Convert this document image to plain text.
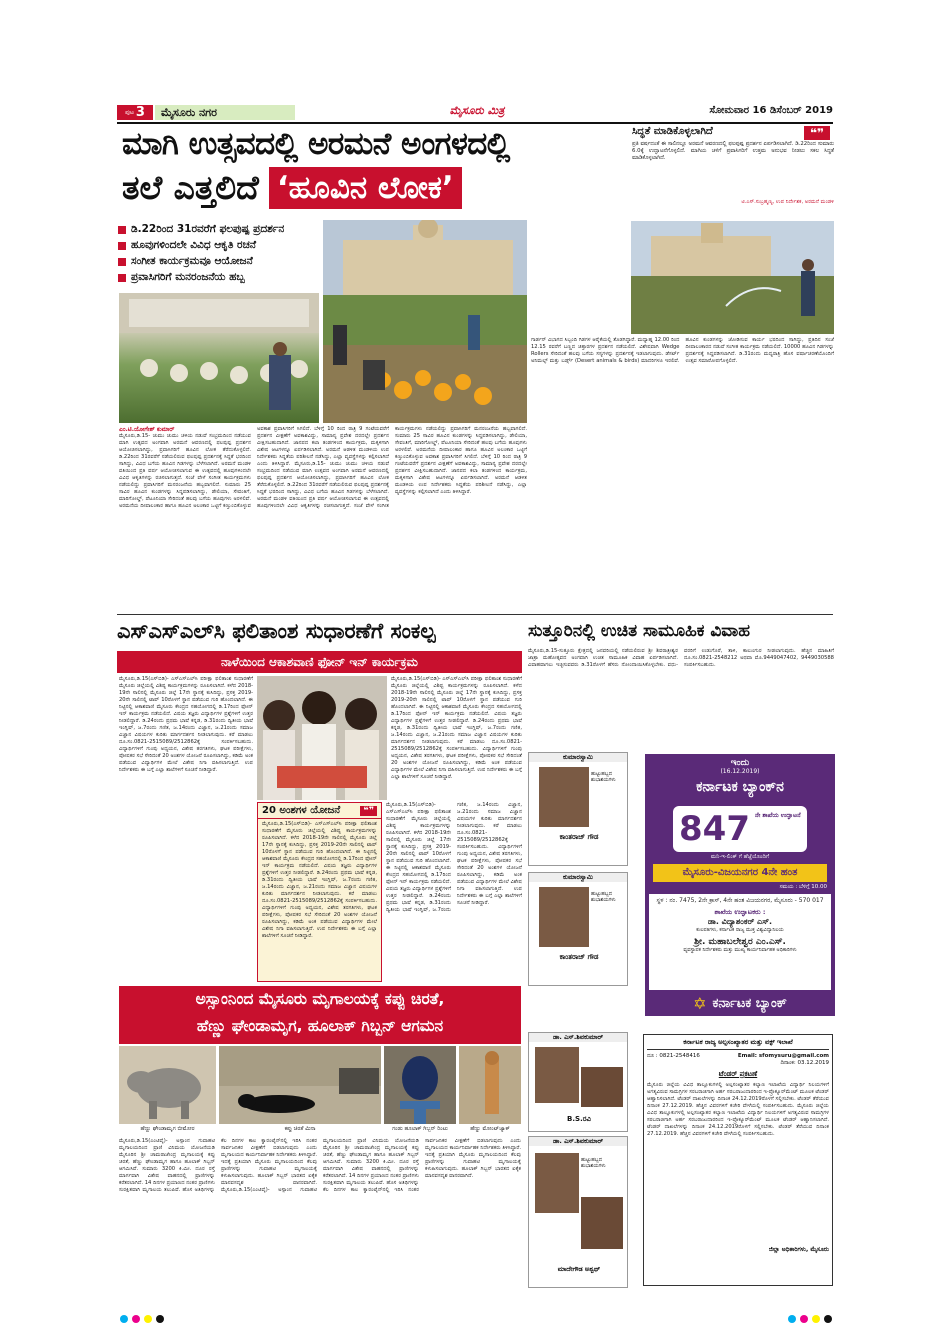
ಪುಟ 3	ಮೈಸೂರು ನಗರ	ಮೈಸೂರು ಮಿತ್ರ	ಸೋಮವಾರ 16 ಡಿಸೆಂಬರ್ 2019
ಮಾಗಿ ಉತ್ಸವದಲ್ಲಿ ಅರಮನೆ ಅಂಗಳದಲ್ಲಿ
ತಲೆ ಎತ್ತಲಿದೆ ‘ಹೂವಿನ ಲೋಕ’
ಸಿದ್ಧತೆ ಮಾಡಿಕೊಳ್ಳಲಾಗಿದೆ	❝❞
ಪ್ರತಿ ವರ್ಷದಂತೆ ಈ ಸಾಲಿನಲ್ಲೂ ಅರಮನೆ ಆವರಣದಲ್ಲಿ ಫಲಪುಷ್ಪ ಪ್ರದರ್ಶನ ಏರ್ಪಡಿಸಲಾಗಿದೆ. ಡಿ.22ರಿಂದ ಸುಮಾರು 6.0ಕ್ಕೆ ಉದ್ಘಾಟನೆಗೊಳ್ಳಲಿದೆ. ಮಾಗಿಯ ಚಳಿಗೆ ಪ್ರವಾಸಿಗರಿಗೆ ಉತ್ತಮ ಅನುಭವ ನೀಡಲು ಸಕಲ ಸಿದ್ಧತೆ ಮಾಡಿಕೊಳ್ಳಲಾಗಿದೆ.
ಟಿ.ಎಸ್.ಸುಬ್ರಹ್ಮಣ್ಯ, ಉಪ ನಿರ್ದೇಶಕ, ಅರಮನೆ ಮಂಡಳಿ
ಡಿ.22ರಿಂದ 31ರವರೆಗೆ ಫಲಪುಷ್ಪ ಪ್ರದರ್ಶನ
ಹೂವುಗಳಿಂದಲೇ ವಿವಿಧ ಆಕೃತಿ ರಚನೆ
ಸಂಗೀತ ಕಾರ್ಯಕ್ರಮವೂ ಆಯೋಜನೆ
ಪ್ರವಾಸಿಗರಿಗೆ ಮನರಂಜನೆಯ ಹಬ್ಬ
ಎಂ.ಟಿ.ಯೋಗೇಶ್ ಕುಮಾರ್
ಮೈಸೂರು,ಡಿ.15- ಚುಮು ಚುಮು ಚಳಿಯ ನಡುವೆ ಸಂಭ್ರಮದಿಂದ ನಡೆಯುವ ಮಾಗಿ ಉತ್ಸವದ ಅಂಗವಾಗಿ ಅರಮನೆ ಆವರಣದಲ್ಲಿ ಫಲಪುಷ್ಪ ಪ್ರದರ್ಶನ ಆಯೋಜಿಸಲಾಗಿದ್ದು, ಪ್ರವಾಸಿಗರಿಗೆ ಹೂವಿನ ಲೋಕ ತೆರೆದುಕೊಳ್ಳಲಿದೆ. ಡಿ.22ರಿಂದ 31ರವರೆಗೆ ನಡೆಯಲಿರುವ ಫಲಪುಷ್ಪ ಪ್ರದರ್ಶನಕ್ಕೆ ಸಿದ್ಧತೆ ಭರದಿಂದ ಸಾಗಿದ್ದು, ವಿವಿಧ ಬಗೆಯ ಹೂವಿನ ಗಿಡಗಳನ್ನು ಬೆಳೆಸಲಾಗಿದೆ. ಅರಮನೆ ಮಂಡಳಿ ವತಿಯಿಂದ ಪ್ರತಿ ವರ್ಷ ಆಯೋಜಿಸಲಾಗುವ ಈ ಉತ್ಸವದಲ್ಲಿ ಹೂವುಗಳಿಂದಲೇ ವಿವಿಧ ಆಕೃತಿಗಳನ್ನು ರಚಿಸಲಾಗುತ್ತದೆ. ಸಂಜೆ ವೇಳೆ ಸಂಗೀತ ಕಾರ್ಯಕ್ರಮಗಳು ನಡೆಯಲಿದ್ದು ಪ್ರವಾಸಿಗರಿಗೆ ಮನರಂಜನೆಯ ಹಬ್ಬವಾಗಲಿದೆ. ಸುಮಾರು 25 ಸಾವಿರ ಹೂವಿನ ಕುಂಡಗಳನ್ನು ಸಿದ್ಧಪಡಿಸಲಾಗಿದ್ದು, ಡೇಲಿಯಾ, ಸೇವಂತಿಗೆ, ಮಾರಿಗೋಲ್ಡ್, ಪೆಟೂನಿಯಾ ಸೇರಿದಂತೆ ಹಲವು ಬಗೆಯ ಹೂವುಗಳು ಅರಳಲಿವೆ. ಅರಮನೆಯ ದೀಪಾಲಂಕಾರ ಹಾಗೂ ಹೂವಿನ ಅಲಂಕಾರ ಒಟ್ಟಿಗೆ ಕಣ್ತುಂಬಿಕೊಳ್ಳುವ ಅವಕಾಶ ಪ್ರವಾಸಿಗರಿಗೆ ಸಿಗಲಿದೆ. ಬೆಳಿಗ್ಗೆ 10 ರಿಂದ ರಾತ್ರಿ 9 ಗಂಟೆಯವರೆಗೆ ಪ್ರದರ್ಶನ ವೀಕ್ಷಣೆಗೆ ಅವಕಾಶವಿದ್ದು, ಸಾಮಾನ್ಯ ಪ್ರವೇಶ ದರದಲ್ಲೇ ಪ್ರದರ್ಶನ ವೀಕ್ಷಿಸಬಹುದಾಗಿದೆ. ಜಾನಪದ ಕಲಾ ತಂಡಗಳಿಂದ ಕಾರ್ಯಕ್ರಮ, ಮಕ್ಕಳಿಗಾಗಿ ವಿಶೇಷ ಆಟಗಳನ್ನೂ ಏರ್ಪಡಿಸಲಾಗಿದೆ. ಅರಮನೆ ಆಡಳಿತ ಮಂಡಳಿಯ ಉಪ ನಿರ್ದೇಶಕರು ಸಿದ್ಧತೆಯ ಪರಿಶೀಲನೆ ನಡೆಸಿದ್ದು, ಎಲ್ಲಾ ವ್ಯವಸ್ಥೆಗಳನ್ನು ಕಲ್ಪಿಸಲಾಗಿದೆ ಎಂದು ತಿಳಿಸಿದ್ದಾರೆ. ಮೈಸೂರು,ಡಿ.15- ಚುಮು ಚುಮು ಚಳಿಯ ನಡುವೆ ಸಂಭ್ರಮದಿಂದ ನಡೆಯುವ ಮಾಗಿ ಉತ್ಸವದ ಅಂಗವಾಗಿ ಅರಮನೆ ಆವರಣದಲ್ಲಿ ಫಲಪುಷ್ಪ ಪ್ರದರ್ಶನ ಆಯೋಜಿಸಲಾಗಿದ್ದು, ಪ್ರವಾಸಿಗರಿಗೆ ಹೂವಿನ ಲೋಕ ತೆರೆದುಕೊಳ್ಳಲಿದೆ. ಡಿ.22ರಿಂದ 31ರವರೆಗೆ ನಡೆಯಲಿರುವ ಫಲಪುಷ್ಪ ಪ್ರದರ್ಶನಕ್ಕೆ ಸಿದ್ಧತೆ ಭರದಿಂದ ಸಾಗಿದ್ದು, ವಿವಿಧ ಬಗೆಯ ಹೂವಿನ ಗಿಡಗಳನ್ನು ಬೆಳೆಸಲಾಗಿದೆ. ಅರಮನೆ ಮಂಡಳಿ ವತಿಯಿಂದ ಪ್ರತಿ ವರ್ಷ ಆಯೋಜಿಸಲಾಗುವ ಈ ಉತ್ಸವದಲ್ಲಿ ಹೂವುಗಳಿಂದಲೇ ವಿವಿಧ ಆಕೃತಿಗಳನ್ನು ರಚಿಸಲಾಗುತ್ತದೆ. ಸಂಜೆ ವೇಳೆ ಸಂಗೀತ ಕಾರ್ಯಕ್ರಮಗಳು ನಡೆಯಲಿದ್ದು ಪ್ರವಾಸಿಗರಿಗೆ ಮನರಂಜನೆಯ ಹಬ್ಬವಾಗಲಿದೆ. ಸುಮಾರು 25 ಸಾವಿರ ಹೂವಿನ ಕುಂಡಗಳನ್ನು ಸಿದ್ಧಪಡಿಸಲಾಗಿದ್ದು, ಡೇಲಿಯಾ, ಸೇವಂತಿಗೆ, ಮಾರಿಗೋಲ್ಡ್, ಪೆಟೂನಿಯಾ ಸೇರಿದಂತೆ ಹಲವು ಬಗೆಯ ಹೂವುಗಳು ಅರಳಲಿವೆ. ಅರಮನೆಯ ದೀಪಾಲಂಕಾರ ಹಾಗೂ ಹೂವಿನ ಅಲಂಕಾರ ಒಟ್ಟಿಗೆ ಕಣ್ತುಂಬಿಕೊಳ್ಳುವ ಅವಕಾಶ ಪ್ರವಾಸಿಗರಿಗೆ ಸಿಗಲಿದೆ. ಬೆಳಿಗ್ಗೆ 10 ರಿಂದ ರಾತ್ರಿ 9 ಗಂಟೆಯವರೆಗೆ ಪ್ರದರ್ಶನ ವೀಕ್ಷಣೆಗೆ ಅವಕಾಶವಿದ್ದು, ಸಾಮಾನ್ಯ ಪ್ರವೇಶ ದರದಲ್ಲೇ ಪ್ರದರ್ಶನ ವೀಕ್ಷಿಸಬಹುದಾಗಿದೆ. ಜಾನಪದ ಕಲಾ ತಂಡಗಳಿಂದ ಕಾರ್ಯಕ್ರಮ, ಮಕ್ಕಳಿಗಾಗಿ ವಿಶೇಷ ಆಟಗಳನ್ನೂ ಏರ್ಪಡಿಸಲಾಗಿದೆ. ಅರಮನೆ ಆಡಳಿತ ಮಂಡಳಿಯ ಉಪ ನಿರ್ದೇಶಕರು ಸಿದ್ಧತೆಯ ಪರಿಶೀಲನೆ ನಡೆಸಿದ್ದು, ಎಲ್ಲಾ ವ್ಯವಸ್ಥೆಗಳನ್ನು ಕಲ್ಪಿಸಲಾಗಿದೆ ಎಂದು ತಿಳಿಸಿದ್ದಾರೆ.
ಗಾರ್ಡನ್ ವಿಭಾಗದ ಸಿಬ್ಬಂದಿ ಗಿಡಗಳ ಆರೈಕೆಯಲ್ಲಿ ತೊಡಗಿದ್ದಾರೆ. ಮಧ್ಯಾಹ್ನ 12.00 ರಿಂದ 12.15 ರವರೆಗೆ ಬಣ್ಣದ ಚಿತ್ತಾರಗಳ ಪ್ರದರ್ಶನ ನಡೆಯಲಿದೆ. ವಿಶೇಷವಾಗಿ Wedge Rollers ಸೇರಿದಂತೆ ಹಲವು ಬಗೆಯ ಸಸ್ಯಗಳನ್ನು ಪ್ರದರ್ಶನಕ್ಕೆ ಇಡಲಾಗುವುದು. ಡೆಸರ್ಟ್ ಅನಿಮಲ್ಸ್ ಮತ್ತು ಬರ್ಡ್ಸ್ (Desert animals & birds) ಮಾದರಿಗಳೂ ಇರಲಿವೆ. ಹೂವಿನ ಕುಂಡಗಳನ್ನು ಜೋಡಿಸುವ ಕಾರ್ಯ ಭರದಿಂದ ಸಾಗಿದ್ದು, ಪ್ರತಿದಿನ ಸಂಜೆ ದೀಪಾಲಂಕಾರದ ನಡುವೆ ಸಂಗೀತ ಕಾರ್ಯಕ್ರಮ ನಡೆಯಲಿದೆ. 10000 ಹೂವಿನ ಗಿಡಗಳನ್ನು ಪ್ರದರ್ಶನಕ್ಕೆ ಸಿದ್ಧಪಡಿಸಲಾಗಿದೆ. ಡಿ.31ರಂದು ಮಧ್ಯರಾತ್ರಿ ಹೊಸ ವರ್ಷಾಚರಣೆಯೊಂದಿಗೆ ಉತ್ಸವ ಸಮಾರೋಪಗೊಳ್ಳಲಿದೆ.
ಎಸ್‌ಎಸ್‌ಎಲ್‌ಸಿ ಫಲಿತಾಂಶ ಸುಧಾರಣೆಗೆ ಸಂಕಲ್ಪ
ನಾಳೆಯಿಂದ ಆಕಾಶವಾಣಿ ಫೋನ್ ಇನ್ ಕಾರ್ಯಕ್ರಮ
ಮೈಸೂರು,ಡಿ.15(ಎಸ್‌ಬಿಡಿ)- ಎಸ್‌ಎಸ್‌ಎಲ್‌ಸಿ ಪರೀಕ್ಷಾ ಫಲಿತಾಂಶ ಸುಧಾರಣೆಗೆ ಮೈಸೂರು ಜಿಲ್ಲೆಯಲ್ಲಿ ವಿಶಿಷ್ಟ ಕಾರ್ಯಕ್ರಮಗಳನ್ನು ರೂಪಿಸಲಾಗಿದೆ. ಕಳೆದ 2018-19ನೇ ಸಾಲಿನಲ್ಲಿ ಮೈಸೂರು ಜಿಲ್ಲೆ 17ನೇ ಸ್ಥಾನಕ್ಕೆ ಕುಸಿದಿದ್ದು, ಪ್ರಸಕ್ತ 2019-20ನೇ ಸಾಲಿನಲ್ಲಿ ಟಾಪ್ 10ರೊಳಗೆ ಸ್ಥಾನ ಪಡೆಯುವ ಗುರಿ ಹೊಂದಲಾಗಿದೆ. ಈ ನಿಟ್ಟಿನಲ್ಲಿ ಆಕಾಶವಾಣಿ ಮೈಸೂರು ಕೇಂದ್ರದ ಸಹಯೋಗದಲ್ಲಿ ಡಿ.17ರಿಂದ ಫೋನ್ ಇನ್ ಕಾರ್ಯಕ್ರಮ ನಡೆಯಲಿದೆ. ವಿಷಯ ತಜ್ಞರು ವಿದ್ಯಾರ್ಥಿಗಳ ಪ್ರಶ್ನೆಗಳಿಗೆ ಉತ್ತರ ನೀಡಲಿದ್ದಾರೆ. ಡಿ.24ರಂದು ಪ್ರಥಮ ಭಾಷೆ ಕನ್ನಡ, ಡಿ.31ರಂದು ದ್ವಿತೀಯ ಭಾಷೆ ಇಂಗ್ಲಿಷ್, ಜ.7ರಂದು ಗಣಿತ, ಜ.14ರಂದು ವಿಜ್ಞಾನ, ಜ.21ರಂದು ಸಮಾಜ ವಿಜ್ಞಾನ ವಿಷಯಗಳ ಕುರಿತು ಮಾರ್ಗದರ್ಶನ ನೀಡಲಾಗುವುದು. ಕರೆ ಮಾಡಲು ದೂ.ಸಂ.0821-2515089/2512862ಕ್ಕೆ ಸಂಪರ್ಕಿಸಬಹುದು. ವಿದ್ಯಾರ್ಥಿಗಳಿಗೆ ಗುಂಪು ಅಧ್ಯಯನ, ವಿಶೇಷ ತರಗತಿಗಳು, ಘಟಕ ಪರೀಕ್ಷೆಗಳು, ಪೋಷಕರ ಸಭೆ ಸೇರಿದಂತೆ 20 ಅಂಶಗಳ ಯೋಜನೆ ರೂಪಿಸಲಾಗಿದ್ದು, ಕಡಿಮೆ ಅಂಕ ಪಡೆಯುವ ವಿದ್ಯಾರ್ಥಿಗಳ ಮೇಲೆ ವಿಶೇಷ ನಿಗಾ ವಹಿಸಲಾಗುತ್ತಿದೆ. ಉಪ ನಿರ್ದೇಶಕರು ಈ ಬಗ್ಗೆ ಎಲ್ಲಾ ಶಾಲೆಗಳಿಗೆ ಸೂಚನೆ ನೀಡಿದ್ದಾರೆ.
ಮೈಸೂರು,ಡಿ.15(ಎಸ್‌ಬಿಡಿ)- ಎಸ್‌ಎಸ್‌ಎಲ್‌ಸಿ ಪರೀಕ್ಷಾ ಫಲಿತಾಂಶ ಸುಧಾರಣೆಗೆ ಮೈಸೂರು ಜಿಲ್ಲೆಯಲ್ಲಿ ವಿಶಿಷ್ಟ ಕಾರ್ಯಕ್ರಮಗಳನ್ನು ರೂಪಿಸಲಾಗಿದೆ. ಕಳೆದ 2018-19ನೇ ಸಾಲಿನಲ್ಲಿ ಮೈಸೂರು ಜಿಲ್ಲೆ 17ನೇ ಸ್ಥಾನಕ್ಕೆ ಕುಸಿದಿದ್ದು, ಪ್ರಸಕ್ತ 2019-20ನೇ ಸಾಲಿನಲ್ಲಿ ಟಾಪ್ 10ರೊಳಗೆ ಸ್ಥಾನ ಪಡೆಯುವ ಗುರಿ ಹೊಂದಲಾಗಿದೆ. ಈ ನಿಟ್ಟಿನಲ್ಲಿ ಆಕಾಶವಾಣಿ ಮೈಸೂರು ಕೇಂದ್ರದ ಸಹಯೋಗದಲ್ಲಿ ಡಿ.17ರಿಂದ ಫೋನ್ ಇನ್ ಕಾರ್ಯಕ್ರಮ ನಡೆಯಲಿದೆ. ವಿಷಯ ತಜ್ಞರು ವಿದ್ಯಾರ್ಥಿಗಳ ಪ್ರಶ್ನೆಗಳಿಗೆ ಉತ್ತರ ನೀಡಲಿದ್ದಾರೆ. ಡಿ.24ರಂದು ಪ್ರಥಮ ಭಾಷೆ ಕನ್ನಡ, ಡಿ.31ರಂದು ದ್ವಿತೀಯ ಭಾಷೆ ಇಂಗ್ಲಿಷ್, ಜ.7ರಂದು ಗಣಿತ, ಜ.14ರಂದು ವಿಜ್ಞಾನ, ಜ.21ರಂದು ಸಮಾಜ ವಿಜ್ಞಾನ ವಿಷಯಗಳ ಕುರಿತು ಮಾರ್ಗದರ್ಶನ ನೀಡಲಾಗುವುದು. ಕರೆ ಮಾಡಲು ದೂ.ಸಂ.0821-2515089/2512862ಕ್ಕೆ ಸಂಪರ್ಕಿಸಬಹುದು. ವಿದ್ಯಾರ್ಥಿಗಳಿಗೆ ಗುಂಪು ಅಧ್ಯಯನ, ವಿಶೇಷ ತರಗತಿಗಳು, ಘಟಕ ಪರೀಕ್ಷೆಗಳು, ಪೋಷಕರ ಸಭೆ ಸೇರಿದಂತೆ 20 ಅಂಶಗಳ ಯೋಜನೆ ರೂಪಿಸಲಾಗಿದ್ದು, ಕಡಿಮೆ ಅಂಕ ಪಡೆಯುವ ವಿದ್ಯಾರ್ಥಿಗಳ ಮೇಲೆ ವಿಶೇಷ ನಿಗಾ ವಹಿಸಲಾಗುತ್ತಿದೆ. ಉಪ ನಿರ್ದೇಶಕರು ಈ ಬಗ್ಗೆ ಎಲ್ಲಾ ಶಾಲೆಗಳಿಗೆ ಸೂಚನೆ ನೀಡಿದ್ದಾರೆ.
20 ಅಂಶಗಳ ಯೋಜನೆ	❝❞
ಮೈಸೂರು,ಡಿ.15(ಎಸ್‌ಬಿಡಿ)- ಎಸ್‌ಎಸ್‌ಎಲ್‌ಸಿ ಪರೀಕ್ಷಾ ಫಲಿತಾಂಶ ಸುಧಾರಣೆಗೆ ಮೈಸೂರು ಜಿಲ್ಲೆಯಲ್ಲಿ ವಿಶಿಷ್ಟ ಕಾರ್ಯಕ್ರಮಗಳನ್ನು ರೂಪಿಸಲಾಗಿದೆ. ಕಳೆದ 2018-19ನೇ ಸಾಲಿನಲ್ಲಿ ಮೈಸೂರು ಜಿಲ್ಲೆ 17ನೇ ಸ್ಥಾನಕ್ಕೆ ಕುಸಿದಿದ್ದು, ಪ್ರಸಕ್ತ 2019-20ನೇ ಸಾಲಿನಲ್ಲಿ ಟಾಪ್ 10ರೊಳಗೆ ಸ್ಥಾನ ಪಡೆಯುವ ಗುರಿ ಹೊಂದಲಾಗಿದೆ. ಈ ನಿಟ್ಟಿನಲ್ಲಿ ಆಕಾಶವಾಣಿ ಮೈಸೂರು ಕೇಂದ್ರದ ಸಹಯೋಗದಲ್ಲಿ ಡಿ.17ರಿಂದ ಫೋನ್ ಇನ್ ಕಾರ್ಯಕ್ರಮ ನಡೆಯಲಿದೆ. ವಿಷಯ ತಜ್ಞರು ವಿದ್ಯಾರ್ಥಿಗಳ ಪ್ರಶ್ನೆಗಳಿಗೆ ಉತ್ತರ ನೀಡಲಿದ್ದಾರೆ. ಡಿ.24ರಂದು ಪ್ರಥಮ ಭಾಷೆ ಕನ್ನಡ, ಡಿ.31ರಂದು ದ್ವಿತೀಯ ಭಾಷೆ ಇಂಗ್ಲಿಷ್, ಜ.7ರಂದು ಗಣಿತ, ಜ.14ರಂದು ವಿಜ್ಞಾನ, ಜ.21ರಂದು ಸಮಾಜ ವಿಜ್ಞಾನ ವಿಷಯಗಳ ಕುರಿತು ಮಾರ್ಗದರ್ಶನ ನೀಡಲಾಗುವುದು. ಕರೆ ಮಾಡಲು ದೂ.ಸಂ.0821-2515089/2512862ಕ್ಕೆ ಸಂಪರ್ಕಿಸಬಹುದು. ವಿದ್ಯಾರ್ಥಿಗಳಿಗೆ ಗುಂಪು ಅಧ್ಯಯನ, ವಿಶೇಷ ತರಗತಿಗಳು, ಘಟಕ ಪರೀಕ್ಷೆಗಳು, ಪೋಷಕರ ಸಭೆ ಸೇರಿದಂತೆ 20 ಅಂಶಗಳ ಯೋಜನೆ ರೂಪಿಸಲಾಗಿದ್ದು, ಕಡಿಮೆ ಅಂಕ ಪಡೆಯುವ ವಿದ್ಯಾರ್ಥಿಗಳ ಮೇಲೆ ವಿಶೇಷ ನಿಗಾ ವಹಿಸಲಾಗುತ್ತಿದೆ. ಉಪ ನಿರ್ದೇಶಕರು ಈ ಬಗ್ಗೆ ಎಲ್ಲಾ ಶಾಲೆಗಳಿಗೆ ಸೂಚನೆ ನೀಡಿದ್ದಾರೆ.
ಮೈಸೂರು,ಡಿ.15(ಎಸ್‌ಬಿಡಿ)- ಎಸ್‌ಎಸ್‌ಎಲ್‌ಸಿ ಪರೀಕ್ಷಾ ಫಲಿತಾಂಶ ಸುಧಾರಣೆಗೆ ಮೈಸೂರು ಜಿಲ್ಲೆಯಲ್ಲಿ ವಿಶಿಷ್ಟ ಕಾರ್ಯಕ್ರಮಗಳನ್ನು ರೂಪಿಸಲಾಗಿದೆ. ಕಳೆದ 2018-19ನೇ ಸಾಲಿನಲ್ಲಿ ಮೈಸೂರು ಜಿಲ್ಲೆ 17ನೇ ಸ್ಥಾನಕ್ಕೆ ಕುಸಿದಿದ್ದು, ಪ್ರಸಕ್ತ 2019-20ನೇ ಸಾಲಿನಲ್ಲಿ ಟಾಪ್ 10ರೊಳಗೆ ಸ್ಥಾನ ಪಡೆಯುವ ಗುರಿ ಹೊಂದಲಾಗಿದೆ. ಈ ನಿಟ್ಟಿನಲ್ಲಿ ಆಕಾಶವಾಣಿ ಮೈಸೂರು ಕೇಂದ್ರದ ಸಹಯೋಗದಲ್ಲಿ ಡಿ.17ರಿಂದ ಫೋನ್ ಇನ್ ಕಾರ್ಯಕ್ರಮ ನಡೆಯಲಿದೆ. ವಿಷಯ ತಜ್ಞರು ವಿದ್ಯಾರ್ಥಿಗಳ ಪ್ರಶ್ನೆಗಳಿಗೆ ಉತ್ತರ ನೀಡಲಿದ್ದಾರೆ. ಡಿ.24ರಂದು ಪ್ರಥಮ ಭಾಷೆ ಕನ್ನಡ, ಡಿ.31ರಂದು ದ್ವಿತೀಯ ಭಾಷೆ ಇಂಗ್ಲಿಷ್, ಜ.7ರಂದು ಗಣಿತ, ಜ.14ರಂದು ವಿಜ್ಞಾನ, ಜ.21ರಂದು ಸಮಾಜ ವಿಜ್ಞಾನ ವಿಷಯಗಳ ಕುರಿತು ಮಾರ್ಗದರ್ಶನ ನೀಡಲಾಗುವುದು. ಕರೆ ಮಾಡಲು ದೂ.ಸಂ.0821-2515089/2512862ಕ್ಕೆ ಸಂಪರ್ಕಿಸಬಹುದು. ವಿದ್ಯಾರ್ಥಿಗಳಿಗೆ ಗುಂಪು ಅಧ್ಯಯನ, ವಿಶೇಷ ತರಗತಿಗಳು, ಘಟಕ ಪರೀಕ್ಷೆಗಳು, ಪೋಷಕರ ಸಭೆ ಸೇರಿದಂತೆ 20 ಅಂಶಗಳ ಯೋಜನೆ ರೂಪಿಸಲಾಗಿದ್ದು, ಕಡಿಮೆ ಅಂಕ ಪಡೆಯುವ ವಿದ್ಯಾರ್ಥಿಗಳ ಮೇಲೆ ವಿಶೇಷ ನಿಗಾ ವಹಿಸಲಾಗುತ್ತಿದೆ. ಉಪ ನಿರ್ದೇಶಕರು ಈ ಬಗ್ಗೆ ಎಲ್ಲಾ ಶಾಲೆಗಳಿಗೆ ಸೂಚನೆ ನೀಡಿದ್ದಾರೆ.
ಸುತ್ತೂರಿನಲ್ಲಿ ಉಚಿತ ಸಾಮೂಹಿಕ ವಿವಾಹ
ಮೈಸೂರು,ಡಿ.15-ಸುತ್ತೂರು ಕ್ಷೇತ್ರದಲ್ಲಿ ಜನವರಿಯಲ್ಲಿ ನಡೆಯಲಿರುವ ಶ್ರೀ ಶಿವರಾತ್ರೀಶ್ವರ ಜಾತ್ರಾ ಮಹೋತ್ಸವದ ಅಂಗವಾಗಿ ಉಚಿತ ಸಾಮೂಹಿಕ ವಿವಾಹ ಏರ್ಪಡಿಸಲಾಗಿದೆ. ವಿವಾಹವಾಗಲು ಇಚ್ಛಿಸುವವರು ಡಿ.31ರೊಳಗೆ ಹೆಸರು ನೋಂದಾಯಿಸಿಕೊಳ್ಳಬೇಕು. ವಧು-ವರರಿಗೆ ಉಡುಗೊರೆ, ತಾಳಿ, ಕಾಲುಂಗುರ ನೀಡಲಾಗುವುದು. ಹೆಚ್ಚಿನ ಮಾಹಿತಿಗೆ ದೂ.ಸಂ.0821-2548212 ಅಥವಾ ಮೊ.9449047402, 9449030588 ಸಂಪರ್ಕಿಸಬಹುದು.
ಕುಮಾರಸ್ವಾಮಿ
ಹುಟ್ಟುಹಬ್ಬದ ಶುಭಾಶಯಗಳು
ಕಾಂತರಾಜ್ ಗೌಡ
ಕುಮಾರಸ್ವಾಮಿ
ಹುಟ್ಟುಹಬ್ಬದ ಶುಭಾಶಯಗಳು
ಕಾಂತರಾಜ್ ಗೌಡ
ಡಾ. ಎಸ್.ಶಿವಕುಮಾರ್
B.S.ರವಿ
ಡಾ. ಎಸ್.ಶಿವಕುಮಾರ್
ಹುಟ್ಟುಹಬ್ಬದ ಶುಭಾಶಯಗಳು
ಮಾದೇಗೌಡ ಅಶ್ವಥ್
ಇಂದು
(16.12.2019)
ಕರ್ನಾಟಕ ಬ್ಯಾಂಕ್‌ನ
847 ನೇ ಶಾಖೆಯ ಉದ್ಘಾಟನೆ
ಮನಿ-ಇ-ಲಿಂಕ್ ಗೆ ಹೆಜ್ಜೆಯೊಂದಿಗೆ
ಮೈಸೂರು-ವಿಜಯನಗರ 4ನೇ ಹಂತ
ಸಮಯ : ಬೆಳಿಗ್ಗೆ 10.00
ಸ್ಥಳ : ನಂ. 7475, 2ನೇ ಕ್ರಾಸ್, 4ನೇ ಹಂತ ವಿಜಯನಗರ, ಮೈಸೂರು - 570 017
ಶಾಖೆಯ ಉದ್ಘಾಟಕರು :
ಡಾ. ವಿದ್ಯಾಶಂಕರ್ ಎಸ್.
ಕುಲಪತಿಗಳು, ಕರ್ನಾಟಕ ರಾಜ್ಯ ಮುಕ್ತ ವಿಶ್ವವಿದ್ಯಾನಿಲಯ
ಶ್ರೀ. ಮಹಾಬಲೇಶ್ವರ ಎಂ.ಎಸ್.
ವ್ಯವಸ್ಥಾಪಕ ನಿರ್ದೇಶಕರು ಮತ್ತು ಮುಖ್ಯ ಕಾರ್ಯನಿರ್ವಾಹಕ ಅಧಿಕಾರಿಗಳು
✡ ಕರ್ನಾಟಕ ಬ್ಯಾಂಕ್
ಕರ್ನಾಟಕ ರಾಜ್ಯ ಅಲ್ಪಸಂಖ್ಯಾತರ ಮತ್ತು ವಕ್ಫ್ ಇಲಾಖೆ
ದೂ : 0821-2548416	Email: sfomysuru@gmail.com
ದಿನಾಂಕ: 03.12.2019
ಟೆಂಡರ್ ಪ್ರಕಟಣೆ
ಮೈಸೂರು ಜಿಲ್ಲೆಯ ವಿವಿಧ ತಾಲ್ಲೂಕುಗಳಲ್ಲಿ ಅಲ್ಪಸಂಖ್ಯಾತರ ಕಲ್ಯಾಣ ಇಲಾಖೆಯ ವಿದ್ಯಾರ್ಥಿ ನಿಲಯಗಳಿಗೆ ಅಗತ್ಯವಿರುವ ಸಾಮಗ್ರಿಗಳ ಸರಬರಾಜಿಗಾಗಿ ಅರ್ಹ ಸರಬರಾಜುದಾರರಿಂದ ಇ-ಪ್ರೊಕ್ಯೂರ್‌ಮೆಂಟ್ ಮೂಲಕ ಟೆಂಡರ್ ಆಹ್ವಾನಿಸಲಾಗಿದೆ. ಟೆಂಡರ್ ದಾಖಲೆಗಳನ್ನು ದಿನಾಂಕ 24.12.2019ರೊಳಗೆ ಸಲ್ಲಿಸಬೇಕು. ಟೆಂಡರ್ ತೆರೆಯುವ ದಿನಾಂಕ 27.12.2019. ಹೆಚ್ಚಿನ ವಿವರಗಳಿಗೆ ಕಚೇರಿ ವೇಳೆಯಲ್ಲಿ ಸಂಪರ್ಕಿಸಬಹುದು. ಮೈಸೂರು ಜಿಲ್ಲೆಯ ವಿವಿಧ ತಾಲ್ಲೂಕುಗಳಲ್ಲಿ ಅಲ್ಪಸಂಖ್ಯಾತರ ಕಲ್ಯಾಣ ಇಲಾಖೆಯ ವಿದ್ಯಾರ್ಥಿ ನಿಲಯಗಳಿಗೆ ಅಗತ್ಯವಿರುವ ಸಾಮಗ್ರಿಗಳ ಸರಬರಾಜಿಗಾಗಿ ಅರ್ಹ ಸರಬರಾಜುದಾರರಿಂದ ಇ-ಪ್ರೊಕ್ಯೂರ್‌ಮೆಂಟ್ ಮೂಲಕ ಟೆಂಡರ್ ಆಹ್ವಾನಿಸಲಾಗಿದೆ. ಟೆಂಡರ್ ದಾಖಲೆಗಳನ್ನು ದಿನಾಂಕ 24.12.2019ರೊಳಗೆ ಸಲ್ಲಿಸಬೇಕು. ಟೆಂಡರ್ ತೆರೆಯುವ ದಿನಾಂಕ 27.12.2019. ಹೆಚ್ಚಿನ ವಿವರಗಳಿಗೆ ಕಚೇರಿ ವೇಳೆಯಲ್ಲಿ ಸಂಪರ್ಕಿಸಬಹುದು.
ಜಿಲ್ಲಾ ಅಧಿಕಾರಿಗಳು, ಮೈಸೂರು
ಅಸ್ಸಾಂನಿಂದ ಮೈಸೂರು ಮೃಗಾಲಯಕ್ಕೆ ಕಪ್ಪು ಚಿರತೆ,
ಹೆಣ್ಣು ಘೇಂಡಾಮೃಗ, ಹೂಲಾಕ್ ಗಿಬ್ಬನ್ ಆಗಮನ
ಹೆಣ್ಣು ಘೇಂಡಾಮೃಗ ಬೀಮೋರ	ಕಪ್ಪು ಚಿರತೆ ಮಿನಾ	ಗಂಡು ಹೂಲಾಕ್ ಗಿಬ್ಬನ್ ರಿಂಟು	ಹೆಣ್ಣು ಮೋಂಟ್‌ಜ್ಯಾಕ್
ಮೈಸೂರು,ಡಿ.15(ಎಂಟಿವೈ)- ಅಸ್ಸಾಂನ ಗುವಾಹಟಿ ಮೃಗಾಲಯದಿಂದ ಪ್ರಾಣಿ ವಿನಿಮಯ ಯೋಜನೆಯಡಿ ಮೈಸೂರಿನ ಶ್ರೀ ಚಾಮರಾಜೇಂದ್ರ ಮೃಗಾಲಯಕ್ಕೆ ಕಪ್ಪು ಚಿರತೆ, ಹೆಣ್ಣು ಘೇಂಡಾಮೃಗ ಹಾಗೂ ಹೂಲಾಕ್ ಗಿಬ್ಬನ್ ಆಗಮಿಸಿವೆ. ಸುಮಾರು 3200 ಕಿ.ಮೀ. ದೂರ ರಸ್ತೆ ಮಾರ್ಗವಾಗಿ ವಿಶೇಷ ವಾಹನದಲ್ಲಿ ಪ್ರಾಣಿಗಳನ್ನು ಕರೆತರಲಾಗಿದೆ. 14 ದಿನಗಳ ಪ್ರಯಾಣದ ನಂತರ ಪ್ರಾಣಿಗಳು ಸುರಕ್ಷಿತವಾಗಿ ಮೃಗಾಲಯ ತಲುಪಿವೆ. ಹೊಸ ಅತಿಥಿಗಳನ್ನು ಕೆಲ ದಿನಗಳ ಕಾಲ ಕ್ವಾರಂಟೈನ್‌ನಲ್ಲಿ ಇರಿಸಿ ನಂತರ ಸಾರ್ವಜನಿಕರ ವೀಕ್ಷಣೆಗೆ ಬಿಡಲಾಗುವುದು ಎಂದು ಮೃಗಾಲಯದ ಕಾರ್ಯನಿರ್ವಾಹಕ ನಿರ್ದೇಶಕರು ತಿಳಿಸಿದ್ದಾರೆ. ಇದಕ್ಕೆ ಪ್ರತಿಯಾಗಿ ಮೈಸೂರು ಮೃಗಾಲಯದಿಂದ ಕೆಲವು ಪ್ರಾಣಿಗಳನ್ನು ಗುವಾಹಟಿ ಮೃಗಾಲಯಕ್ಕೆ ಕಳುಹಿಸಲಾಗುವುದು. ಹೂಲಾಕ್ ಗಿಬ್ಬನ್ ಭಾರತದ ಏಕೈಕ ಮಾನವಸದೃಶ ವಾನರವಾಗಿದೆ. ಮೈಸೂರು,ಡಿ.15(ಎಂಟಿವೈ)- ಅಸ್ಸಾಂನ ಗುವಾಹಟಿ ಮೃಗಾಲಯದಿಂದ ಪ್ರಾಣಿ ವಿನಿಮಯ ಯೋಜನೆಯಡಿ ಮೈಸೂರಿನ ಶ್ರೀ ಚಾಮರಾಜೇಂದ್ರ ಮೃಗಾಲಯಕ್ಕೆ ಕಪ್ಪು ಚಿರತೆ, ಹೆಣ್ಣು ಘೇಂಡಾಮೃಗ ಹಾಗೂ ಹೂಲಾಕ್ ಗಿಬ್ಬನ್ ಆಗಮಿಸಿವೆ. ಸುಮಾರು 3200 ಕಿ.ಮೀ. ದೂರ ರಸ್ತೆ ಮಾರ್ಗವಾಗಿ ವಿಶೇಷ ವಾಹನದಲ್ಲಿ ಪ್ರಾಣಿಗಳನ್ನು ಕರೆತರಲಾಗಿದೆ. 14 ದಿನಗಳ ಪ್ರಯಾಣದ ನಂತರ ಪ್ರಾಣಿಗಳು ಸುರಕ್ಷಿತವಾಗಿ ಮೃಗಾಲಯ ತಲುಪಿವೆ. ಹೊಸ ಅತಿಥಿಗಳನ್ನು ಕೆಲ ದಿನಗಳ ಕಾಲ ಕ್ವಾರಂಟೈನ್‌ನಲ್ಲಿ ಇರಿಸಿ ನಂತರ ಸಾರ್ವಜನಿಕರ ವೀಕ್ಷಣೆಗೆ ಬಿಡಲಾಗುವುದು ಎಂದು ಮೃಗಾಲಯದ ಕಾರ್ಯನಿರ್ವಾಹಕ ನಿರ್ದೇಶಕರು ತಿಳಿಸಿದ್ದಾರೆ. ಇದಕ್ಕೆ ಪ್ರತಿಯಾಗಿ ಮೈಸೂರು ಮೃಗಾಲಯದಿಂದ ಕೆಲವು ಪ್ರಾಣಿಗಳನ್ನು ಗುವಾಹಟಿ ಮೃಗಾಲಯಕ್ಕೆ ಕಳುಹಿಸಲಾಗುವುದು. ಹೂಲಾಕ್ ಗಿಬ್ಬನ್ ಭಾರತದ ಏಕೈಕ ಮಾನವಸದೃಶ ವಾನರವಾಗಿದೆ.
